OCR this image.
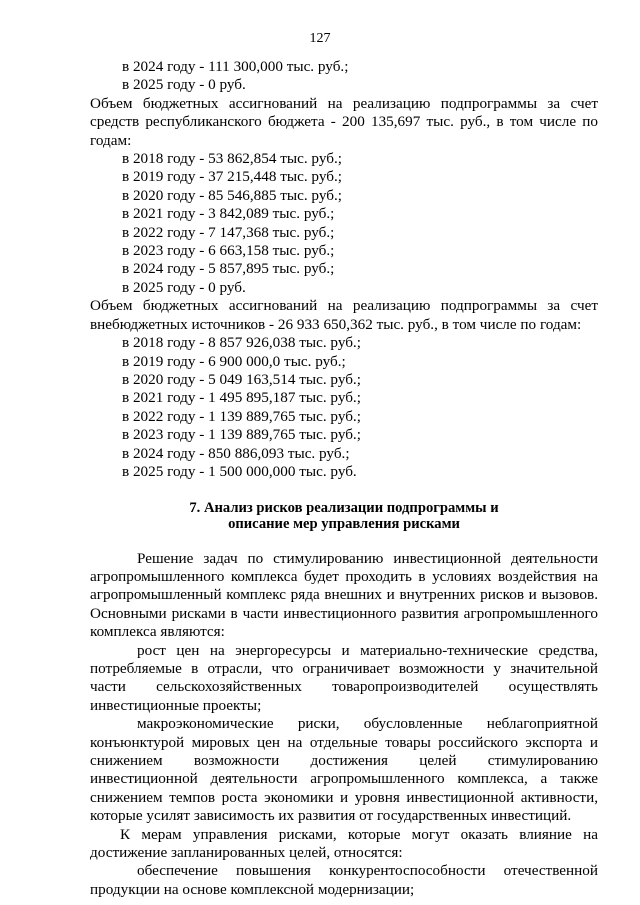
127

в 2024 году - 111 300,000 тыс. руб.;

в 2025 году - 0 руб.

Объем бюджетных ассигнований на реализацию подпрограммы за счет средств республиканского бюджета - 200 135,697 тыс. руб., в том числе по годам:

в 2018 году - 53 862,854 тыс. руб.;

в 2019 году - 37 215,448 тыс. руб.;

в 2020 году - 85 546,885 тыс. руб.;

в 2021 году - 3 842,089 тыс. руб.;

в 2022 году - 7 147,368 тыс. руб.;

в 2023 году - 6 663,158 тыс. руб.;

в 2024 году - 5 857,895 тыс. руб.;

в 2025 году - 0 руб.

Объем бюджетных ассигнований на реализацию подпрограммы за счет внебюджетных источников - 26 933 650,362 тыс. руб., в том числе по годам:

в 2018 году - 8 857 926,038 тыс. руб.;

в 2019 году - 6 900 000,0 тыс. руб.;

в 2020 году - 5 049 163,514 тыс. руб.;

в 2021 году - 1 495 895,187 тыс. руб.;

в 2022 году - 1 139 889,765 тыс. руб.;

в 2023 году - 1 139 889,765 тыс. руб.;

в 2024 году - 850 886,093 тыс. руб.;

в 2025 году - 1 500 000,000 тыс. руб.

7. Анализ рисков реализации подпрограммы и
описание мер управления рисками

Решение задач по стимулированию инвестиционной деятельности агропромышленного комплекса будет проходить в условиях воздействия на агропромышленный комплекс ряда внешних и внутренних рисков и вызовов. Основными рисками в части инвестиционного развития агропромышленного комплекса являются:

рост цен на энергоресурсы и материально-технические средства, потребляемые в отрасли, что ограничивает возможности у значительной части сельскохозяйственных товаропроизводителей осуществлять инвестиционные проекты;

макроэкономические риски, обусловленные неблагоприятной конъюнктурой мировых цен на отдельные товары российского экспорта и снижением возможности достижения целей стимулированию инвестиционной деятельности агропромышленного комплекса, а также снижением темпов роста экономики и уровня инвестиционной активности, которые усилят зависимость их развития от государственных инвестиций.

К мерам управления рисками, которые могут оказать влияние на достижение запланированных целей, относятся:

обеспечение повышения конкурентоспособности отечественной продукции на основе комплексной модернизации;
